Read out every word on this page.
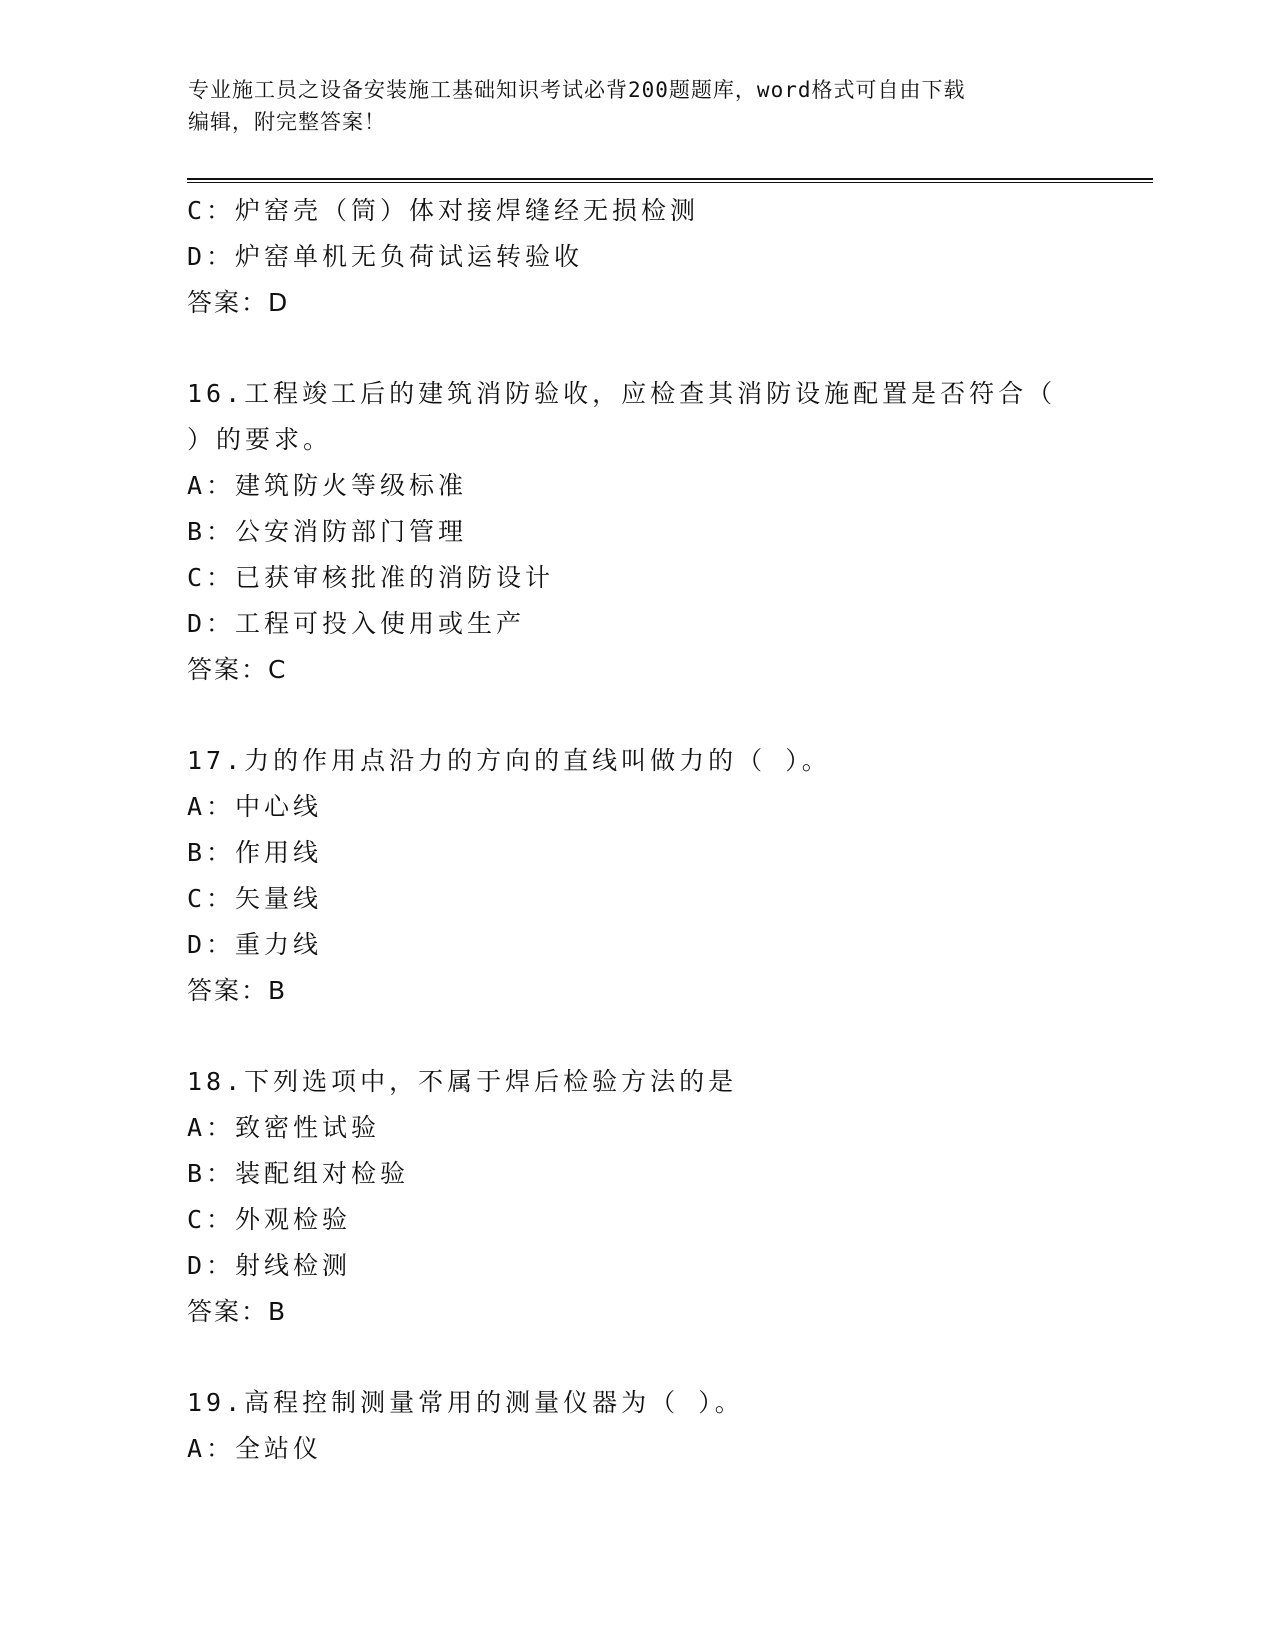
专业施工员之设备安装施工基础知识考试必背200题题库，word格式可自由下载
编辑，附完整答案！
C：炉窑壳（筒）体对接焊缝经无损检测
D：炉窑单机无负荷试运转验收
答案：D
16.工程竣工后的建筑消防验收，应检查其消防设施配置是否符合（
）的要求。
A：建筑防火等级标准
B：公安消防部门管理
C：已获审核批准的消防设计
D：工程可投入使用或生产
答案：C
17.力的作用点沿力的方向的直线叫做力的（ ）。
A：中心线
B：作用线
C：矢量线
D：重力线
答案：B
18.下列选项中，不属于焊后检验方法的是
A：致密性试验
B：装配组对检验
C：外观检验
D：射线检测
答案：B
19.高程控制测量常用的测量仪器为（ ）。
A：全站仪
